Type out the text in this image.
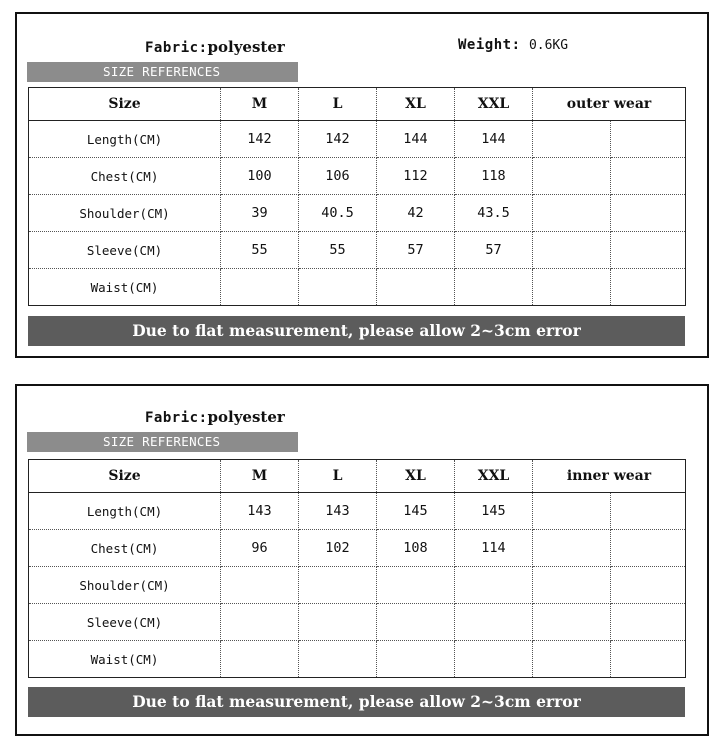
Fabric:polyester	Weight: 0.6KG
SIZE REFERENCES
Size	M	L	XL	XXL	outer wear	
Length(CM)	142	142	144	144		
Chest(CM)	100	106	112	118		
Shoulder(CM)	39	40.5	42	43.5		
Sleeve(CM)	55	55	57	57		
Waist(CM)						
Due to flat measurement, please allow 2~3cm error
Fabric:polyester
SIZE REFERENCES
Size	M	L	XL	XXL	inner wear	
Length(CM)	143	143	145	145		
Chest(CM)	96	102	108	114		
Shoulder(CM)						
Sleeve(CM)						
Waist(CM)						
Due to flat measurement, please allow 2~3cm error
